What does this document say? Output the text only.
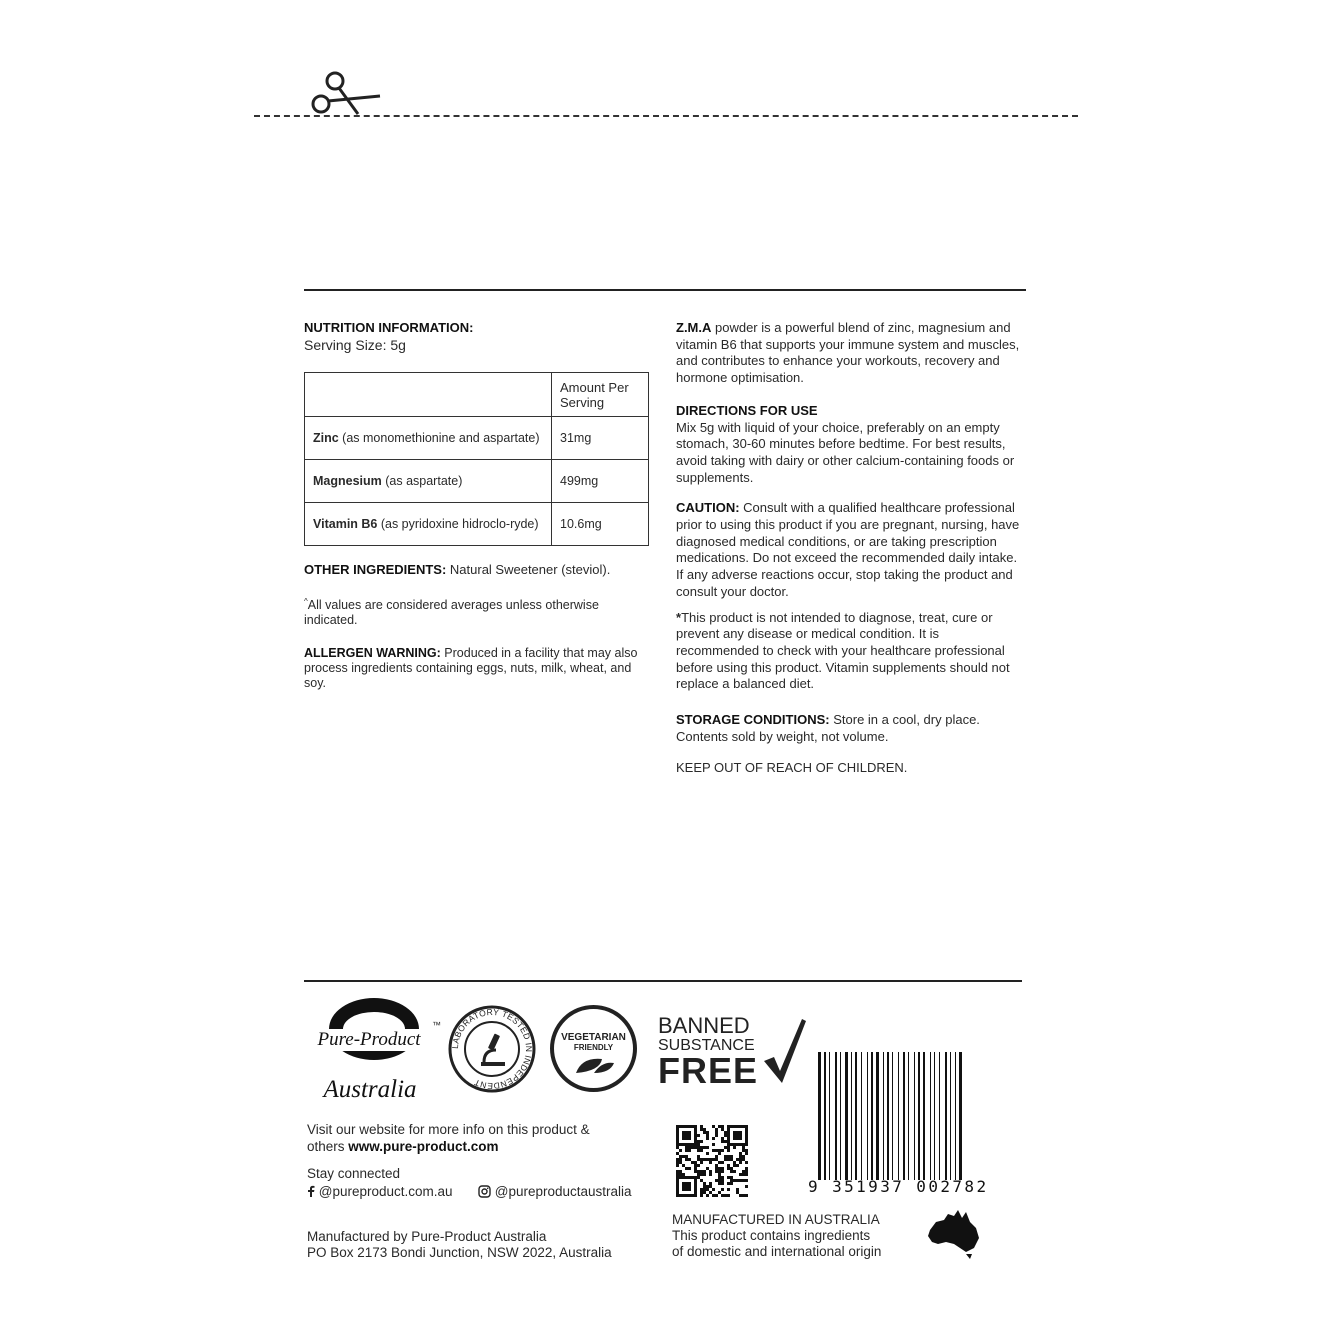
NUTRITION INFORMATION:
Serving Size: 5g
	Amount Per Serving
Zinc (as monomethionine and aspartate)	31mg
Magnesium (as aspartate)	499mg
Vitamin B6 (as pyridoxine hidroclo-ryde)	10.6mg
OTHER INGREDIENTS: Natural Sweetener (steviol).
^All values are considered averages unless otherwise indicated.
ALLERGEN WARNING: Produced in a facility that may also process ingredients containing eggs, nuts, milk, wheat, and soy.
Z.M.A powder is a powerful blend of zinc, magnesium and vitamin B6 that supports your immune system and muscles, and contributes to enhance your workouts, recovery and hormone optimisation.
DIRECTIONS FOR USE
Mix 5g with liquid of your choice, preferably on an empty stomach, 30-60 minutes before bedtime. For best results, avoid taking with dairy or other calcium-containing foods or supplements.
CAUTION: Consult with a qualified healthcare professional prior to using this product if you are pregnant, nursing, have diagnosed medical conditions, or are taking prescription medications. Do not exceed the recommended daily intake. If any adverse reactions occur, stop taking the product and consult your doctor.
*This product is not intended to diagnose, treat, cure or prevent any disease or medical condition. It is recommended to check with your healthcare professional before using this product. Vitamin supplements should not replace a balanced diet.
STORAGE CONDITIONS: Store in a cool, dry place. Contents sold by weight, not volume.
KEEP OUT OF REACH OF CHILDREN.
Pure-Product
Australia
™
LABORATORY TESTED IN INDEPENDENT
VEGETARIAN
FRIENDLY
BANNED
SUBSTANCE
FREE
9 351937 002782
Visit our website for more info on this product & others www.pure-product.com
Stay connected
@pureproduct.com.au	@pureproductaustralia
Manufactured by Pure-Product Australia
PO Box 2173 Bondi Junction, NSW 2022, Australia
MANUFACTURED IN AUSTRALIA
This product contains ingredients
of domestic and international origin
